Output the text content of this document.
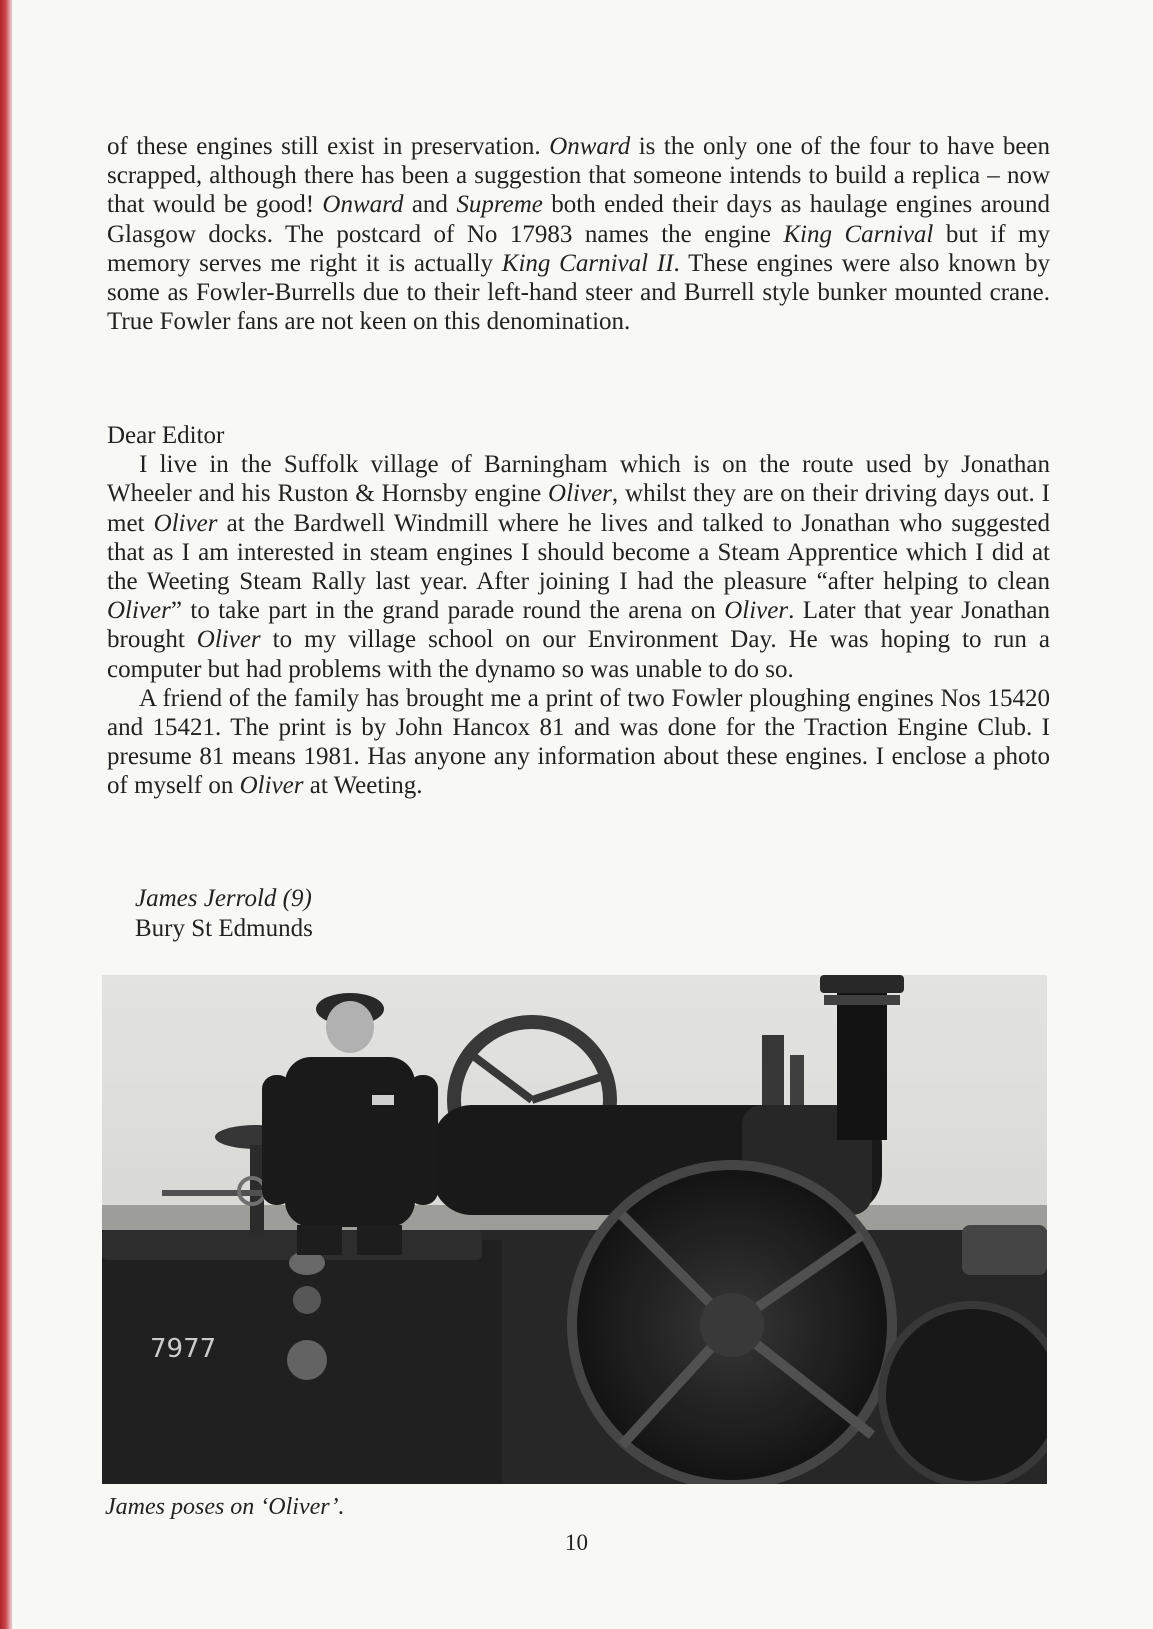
of these engines still exist in preservation. Onward is the only one of the four to have been scrapped, although there has been a suggestion that someone intends to build a replica – now that would be good! Onward and Supreme both ended their days as haulage engines around Glasgow docks. The postcard of No 17983 names the engine King Carnival but if my memory serves me right it is actually King Carnival II. These engines were also known by some as Fowler-Burrells due to their left-hand steer and Burrell style bunker mounted crane. True Fowler fans are not keen on this denomination.

Dear Editor

I live in the Suffolk village of Barningham which is on the route used by Jonathan Wheeler and his Ruston & Hornsby engine Oliver, whilst they are on their driving days out. I met Oliver at the Bardwell Windmill where he lives and talked to Jonathan who suggested that as I am interested in steam engines I should become a Steam Apprentice which I did at the Weeting Steam Rally last year. After joining I had the pleasure “after helping to clean Oliver” to take part in the grand parade round the arena on Oliver. Later that year Jonathan brought Oliver to my village school on our Environment Day. He was hoping to run a computer but had problems with the dynamo so was unable to do so.

A friend of the family has brought me a print of two Fowler ploughing engines Nos 15420 and 15421. The print is by John Hancox 81 and was done for the Traction Engine Club. I presume 81 means 1981. Has anyone any information about these engines. I enclose a photo of myself on Oliver at Weeting.

James Jerrold (9)
Bury St Edmunds
7977
James poses on ‘Oliver’.
10
